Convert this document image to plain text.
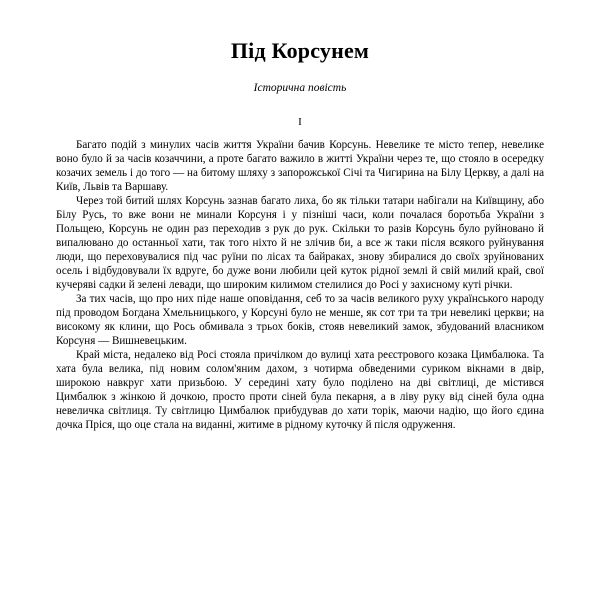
Під Корсунем
Історична повість
І

Багато подій з минулих часів життя України бачив Корсунь. Невелике те місто тепер, невелике воно було й за часів козаччини, а проте багато важило в житті України через те, що стояло в осередку козачих земель і до того — на битому шляху з запорожської Січі та Чигирина на Білу Церкву, а далі на Київ, Львів та Варшаву.

Через той битий шлях Корсунь зазнав багато лиха, бо як тільки татари набігали на Київщину, або Білу Русь, то вже вони не минали Корсуня і у пізніші часи, коли почалася боротьба України з Польщею, Корсунь не один раз переходив з рук до рук. Скільки то разів Корсунь було руйновано й випалювано до останньої хати, так того ніхто й не злічив би, а все ж таки після всякого руйнування люди, що переховувалися під час руїни по лісах та байраках, знову збиралися до своїх зруйнованих осель і відбудовували їх вдруге, бо дуже вони любили цей куток рідної землі й свій милий край, свої кучеряві садки й зелені левади, що широким килимом стелилися до Росі у захисному куті річки.

За тих часів, що про них піде наше оповідання, себ то за часів великого руху українського народу під проводом Богдана Хмельницького, у Корсуні було не менше, як сот три та три невеликі церкви; на високому як клини, що Рось обмивала з трьох боків, стояв невеликий замок, збудований власником Корсуня — Вишневецьким.

Край міста, недалеко від Росі стояла причілком до вулиці хата реєстрового козака Цимбалюка. Та хата була велика, під новим солом'яним дахом, з чотирма обведеними суриком вікнами в двір, широкою навкруг хати призьбою. У середині хату було поділено на дві світлиці, де містився Цимбалюк з жінкою й дочкою, просто проти сіней була пекарня, а в ліву руку від сіней була одна невеличка світлиця. Ту світлицю Цимбалюк прибудував до хати торік, маючи надію, що його єдина дочка Пріся, що оце стала на виданні, житиме в рідному куточку й після одруження.
